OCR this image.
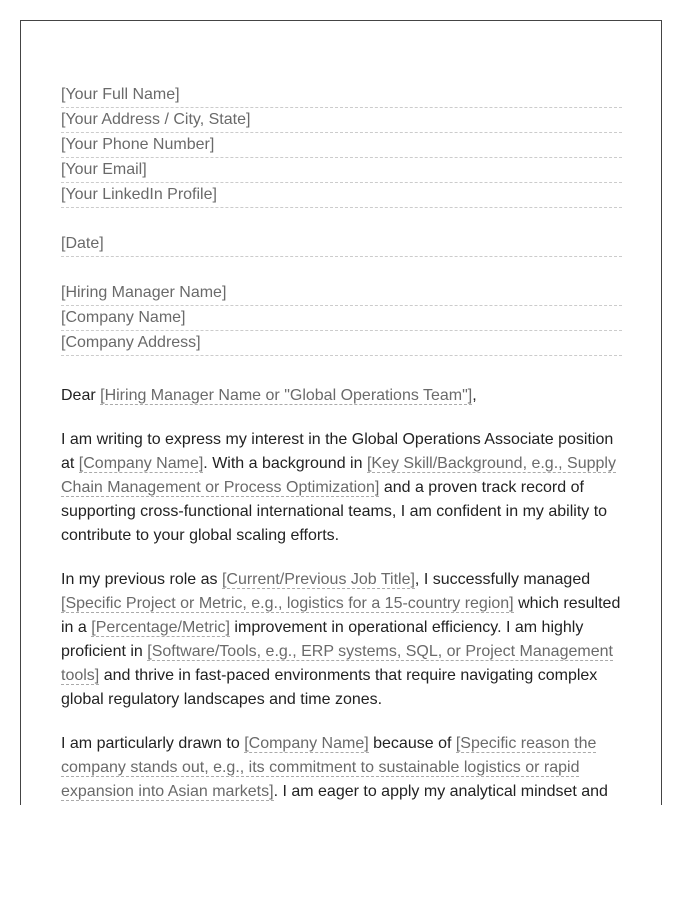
[Your Full Name]
[Your Address / City, State]
[Your Phone Number]
[Your Email]
[Your LinkedIn Profile]
[Date]
[Hiring Manager Name]
[Company Name]
[Company Address]
Dear [Hiring Manager Name or "Global Operations Team"],

I am writing to express my interest in the Global Operations Associate position at [Company Name]. With a background in [Key Skill/Background, e.g., Supply Chain Management or Process Optimization] and a proven track record of supporting cross-functional international teams, I am confident in my ability to contribute to your global scaling efforts.

In my previous role as [Current/Previous Job Title], I successfully managed [Specific Project or Metric, e.g., logistics for a 15-country region] which resulted in a [Percentage/Metric] improvement in operational efficiency. I am highly proficient in [Software/Tools, e.g., ERP systems, SQL, or Project Management tools] and thrive in fast-paced environments that require navigating complex global regulatory landscapes and time zones.

I am particularly drawn to [Company Name] because of [Specific reason the company stands out, e.g., its commitment to sustainable logistics or rapid expansion into Asian markets]. I am eager to apply my analytical mindset and
